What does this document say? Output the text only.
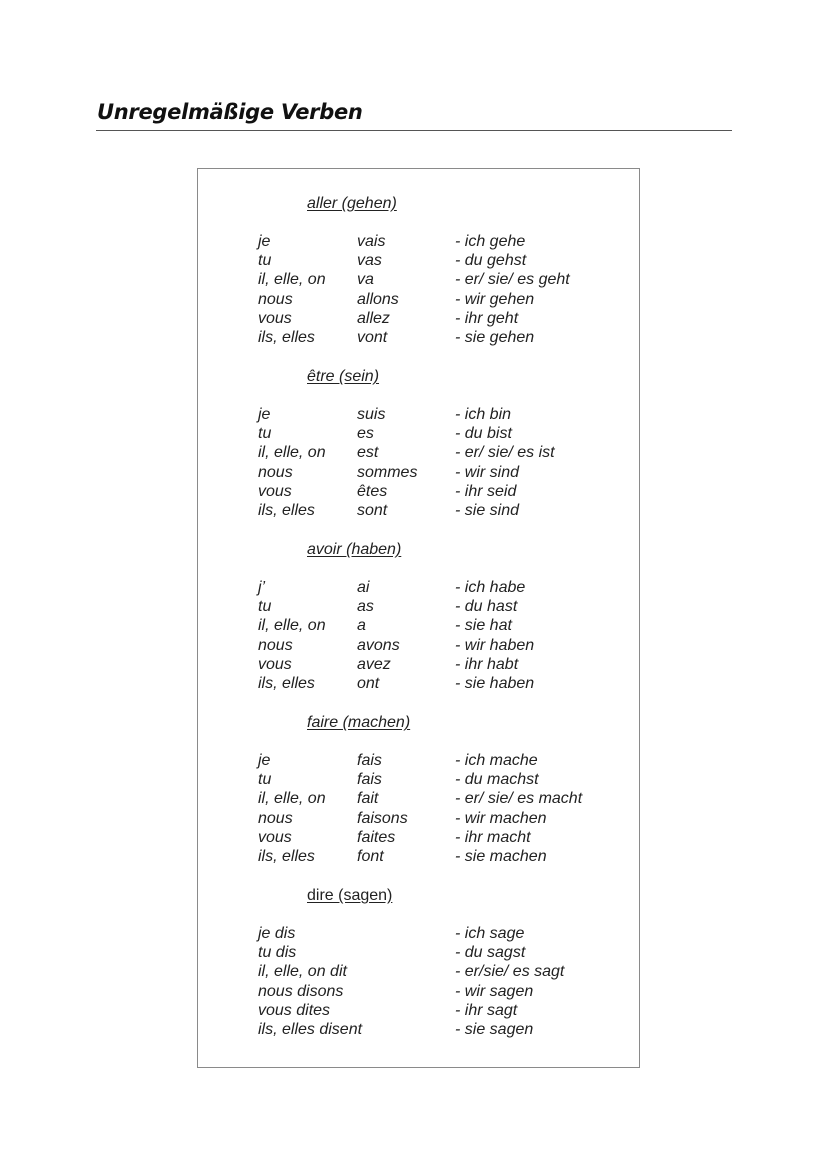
Unregelmäßige Verben
aller (gehen)
je	vais	- ich gehe
tu	vas	- du gehst
il, elle, on va	- er/ sie/ es geht
nous	allons	- wir gehen
vous	allez	- ihr geht
ils, elles	vont	- sie gehen
être (sein)
je	suis	- ich bin
tu	es	- du bist
il, elle, on est	- er/ sie/ es ist
nous	sommes - wir sind
vous	êtes	- ihr seid
ils, elles	sont	- sie sind
avoir (haben)
j’	ai	- ich habe
tu	as	- du hast
il, elle, on a	- sie hat
nous	avons	- wir haben
vous	avez	- ihr habt
ils, elles	ont	- sie haben
faire (machen)
je	fais	- ich mache
tu	fais	- du machst
il, elle, on fait	- er/ sie/ es macht
nous	faisons	- wir machen
vous	faites	- ihr macht
ils, elles	font	- sie machen
dire (sagen)
je dis	- ich sage
tu dis	- du sagst
il, elle, on dit	- er/sie/ es sagt
nous disons	- wir sagen
vous dites	- ihr sagt
ils, elles disent	- sie sagen
